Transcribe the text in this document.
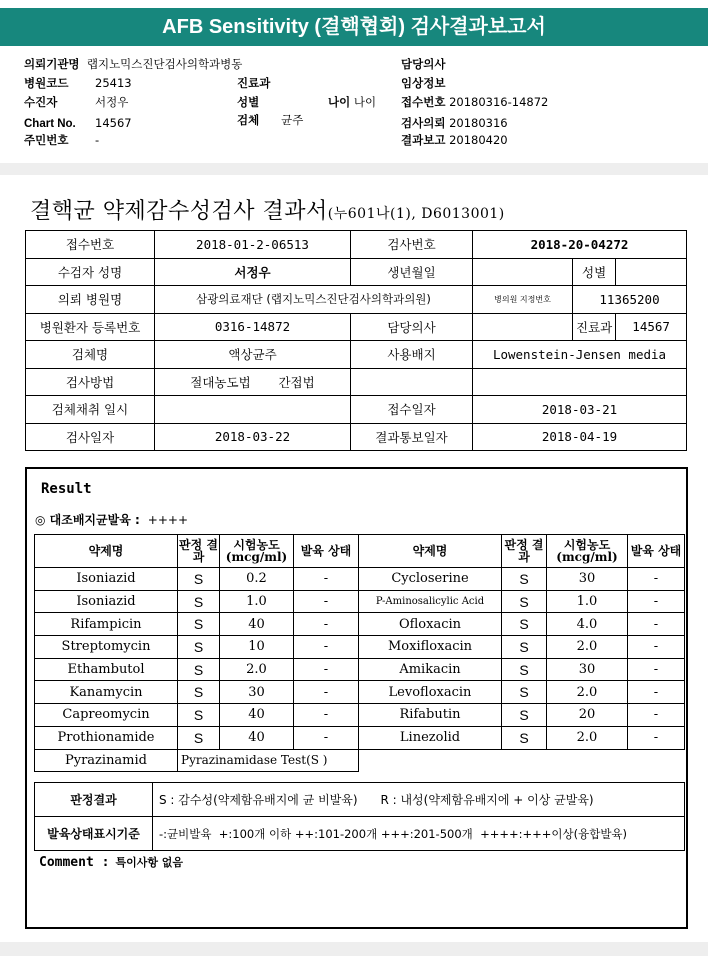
AFB Sensitivity (결핵협회) 검사결과보고서
의뢰기관명 랩지노믹스진단검사의학과병동
병원코드 25413
수진자	서정우
Chart No. 14567
주민번호 -
진료과
성별	나이 나이
검체 균주
담당의사
임상정보
접수번호 20180316-14872
검사의뢰 20180316
결과보고 20180420
결핵균 약제감수성검사 결과서(누601나(1), D6013001)
접수번호	2018-01-2-06513	검사번호	2018-20-04272		
수검자 성명	서정우	생년월일		성별	
의뢰 병원명	삼광의료재단 (랩지노믹스진단검사의학과의원)		병의원 지정번호	11365200	
병원환자 등록번호	0316-14872	담당의사		진료과	14567
검체명	액상균주	사용배지	Lowenstein-Jensen media		
검사방법	절대농도법 간접법				
검체채취 일시		접수일자	2018-03-21		
검사일자	2018-03-22	결과통보일자	2018-04-19		
Result
◎ 대조배지균발육 : ++++
약제명	판정 결과	시험농도 (mcg/ml)	발육 상태	약제명	판정 결과	시험농도 (mcg/ml)	발육 상태
Isoniazid	S	0.2	-	Cycloserine	S	30	-
Isoniazid	S	1.0	-	P-Aminosalicylic Acid	S	1.0	-
Rifampicin	S	40	-	Ofloxacin	S	4.0	-
Streptomycin	S	10	-	Moxifloxacin	S	2.0	-
Ethambutol	S	2.0	-	Amikacin	S	30	-
Kanamycin	S	30	-	Levofloxacin	S	2.0	-
Capreomycin	S	40	-	Rifabutin	S	20	-
Prothionamide	S	40	-	Linezolid	S	2.0	-
Pyrazinamid	Pyrazinamidase Test(S )						
판정결과	S : 감수성(약제함유배지에 균 비발육)      R : 내성(약제함유배지에 + 이상 균발육)
발육상태표시기준	-:균비발육  +:100개 이하 ++:101-200개 +++:201-500개  ++++:+++이상(융합발육)
Comment : 특이사항 없음
